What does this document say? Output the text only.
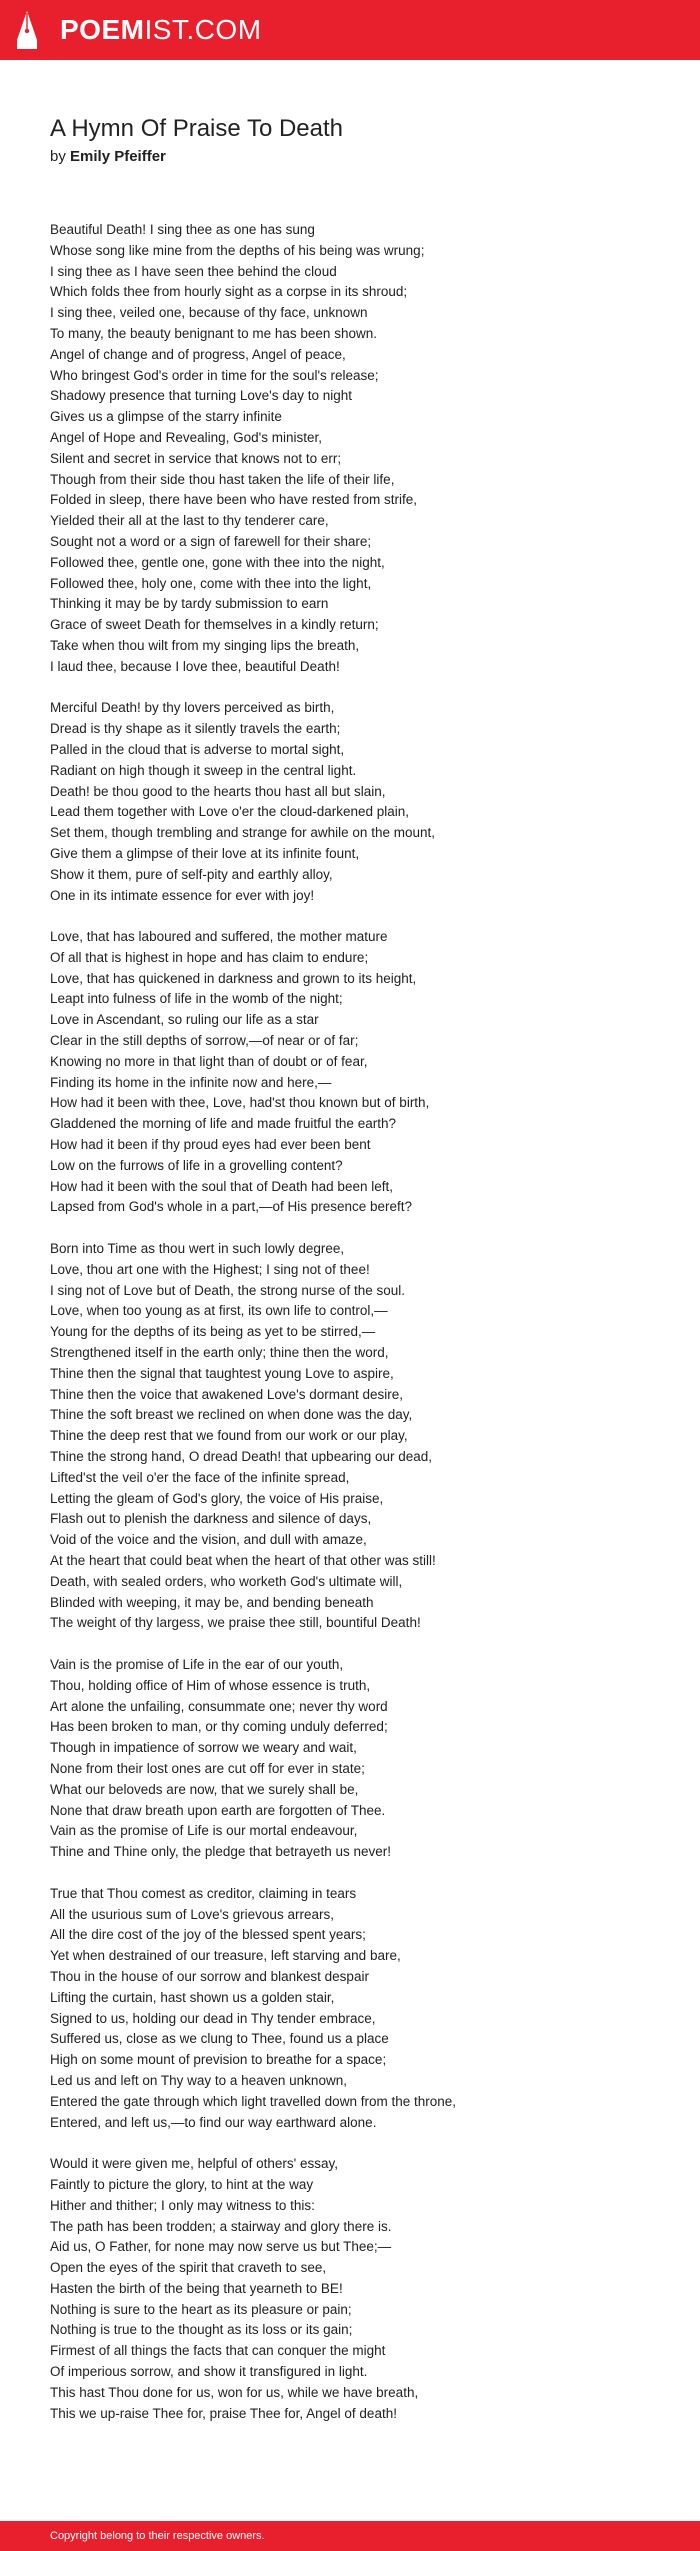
POEMIST.COM
A Hymn Of Praise To Death
by Emily Pfeiffer
Beautiful Death! I sing thee as one has sung
Whose song like mine from the depths of his being was wrung;
I sing thee as I have seen thee behind the cloud
Which folds thee from hourly sight as a corpse in its shroud;
I sing thee, veiled one, because of thy face, unknown
To many, the beauty benignant to me has been shown.
Angel of change and of progress, Angel of peace,
Who bringest God's order in time for the soul's release;
Shadowy presence that turning Love's day to night
Gives us a glimpse of the starry infinite
Angel of Hope and Revealing, God's minister,
Silent and secret in service that knows not to err;
Though from their side thou hast taken the life of their life,
Folded in sleep, there have been who have rested from strife,
Yielded their all at the last to thy tenderer care,
Sought not a word or a sign of farewell for their share;
Followed thee, gentle one, gone with thee into the night,
Followed thee, holy one, come with thee into the light,
Thinking it may be by tardy submission to earn
Grace of sweet Death for themselves in a kindly return;
Take when thou wilt from my singing lips the breath,
I laud thee, because I love thee, beautiful Death!
Merciful Death! by thy lovers perceived as birth,
Dread is thy shape as it silently travels the earth;
Palled in the cloud that is adverse to mortal sight,
Radiant on high though it sweep in the central light.
Death! be thou good to the hearts thou hast all but slain,
Lead them together with Love o'er the cloud-darkened plain,
Set them, though trembling and strange for awhile on the mount,
Give them a glimpse of their love at its infinite fount,
Show it them, pure of self-pity and earthly alloy,
One in its intimate essence for ever with joy!
Love, that has laboured and suffered, the mother mature
Of all that is highest in hope and has claim to endure;
Love, that has quickened in darkness and grown to its height,
Leapt into fulness of life in the womb of the night;
Love in Ascendant, so ruling our life as a star
Clear in the still depths of sorrow,—of near or of far;
Knowing no more in that light than of doubt or of fear,
Finding its home in the infinite now and here,—
How had it been with thee, Love, had'st thou known but of birth,
Gladdened the morning of life and made fruitful the earth?
How had it been if thy proud eyes had ever been bent
Low on the furrows of life in a grovelling content?
How had it been with the soul that of Death had been left,
Lapsed from God's whole in a part,—of His presence bereft?
Born into Time as thou wert in such lowly degree,
Love, thou art one with the Highest; I sing not of thee!
I sing not of Love but of Death, the strong nurse of the soul.
Love, when too young as at first, its own life to control,—
Young for the depths of its being as yet to be stirred,—
Strengthened itself in the earth only; thine then the word,
Thine then the signal that taughtest young Love to aspire,
Thine then the voice that awakened Love's dormant desire,
Thine the soft breast we reclined on when done was the day,
Thine the deep rest that we found from our work or our play,
Thine the strong hand, O dread Death! that upbearing our dead,
Lifted'st the veil o'er the face of the infinite spread,
Letting the gleam of God's glory, the voice of His praise,
Flash out to plenish the darkness and silence of days,
Void of the voice and the vision, and dull with amaze,
At the heart that could beat when the heart of that other was still!
Death, with sealed orders, who worketh God's ultimate will,
Blinded with weeping, it may be, and bending beneath
The weight of thy largess, we praise thee still, bountiful Death!
Vain is the promise of Life in the ear of our youth,
Thou, holding office of Him of whose essence is truth,
Art alone the unfailing, consummate one; never thy word
Has been broken to man, or thy coming unduly deferred;
Though in impatience of sorrow we weary and wait,
None from their lost ones are cut off for ever in state;
What our beloveds are now, that we surely shall be,
None that draw breath upon earth are forgotten of Thee.
Vain as the promise of Life is our mortal endeavour,
Thine and Thine only, the pledge that betrayeth us never!
True that Thou comest as creditor, claiming in tears
All the usurious sum of Love's grievous arrears,
All the dire cost of the joy of the blessed spent years;
Yet when destrained of our treasure, left starving and bare,
Thou in the house of our sorrow and blankest despair
Lifting the curtain, hast shown us a golden stair,
Signed to us, holding our dead in Thy tender embrace,
Suffered us, close as we clung to Thee, found us a place
High on some mount of prevision to breathe for a space;
Led us and left on Thy way to a heaven unknown,
Entered the gate through which light travelled down from the throne,
Entered, and left us,—to find our way earthward alone.
Would it were given me, helpful of others' essay,
Faintly to picture the glory, to hint at the way
Hither and thither; I only may witness to this:
The path has been trodden; a stairway and glory there is.
Aid us, O Father, for none may now serve us but Thee;—
Open the eyes of the spirit that craveth to see,
Hasten the birth of the being that yearneth to BE!
Nothing is sure to the heart as its pleasure or pain;
Nothing is true to the thought as its loss or its gain;
Firmest of all things the facts that can conquer the might
Of imperious sorrow, and show it transfigured in light.
This hast Thou done for us, won for us, while we have breath,
This we up-raise Thee for, praise Thee for, Angel of death!
Copyright belong to their respective owners.
